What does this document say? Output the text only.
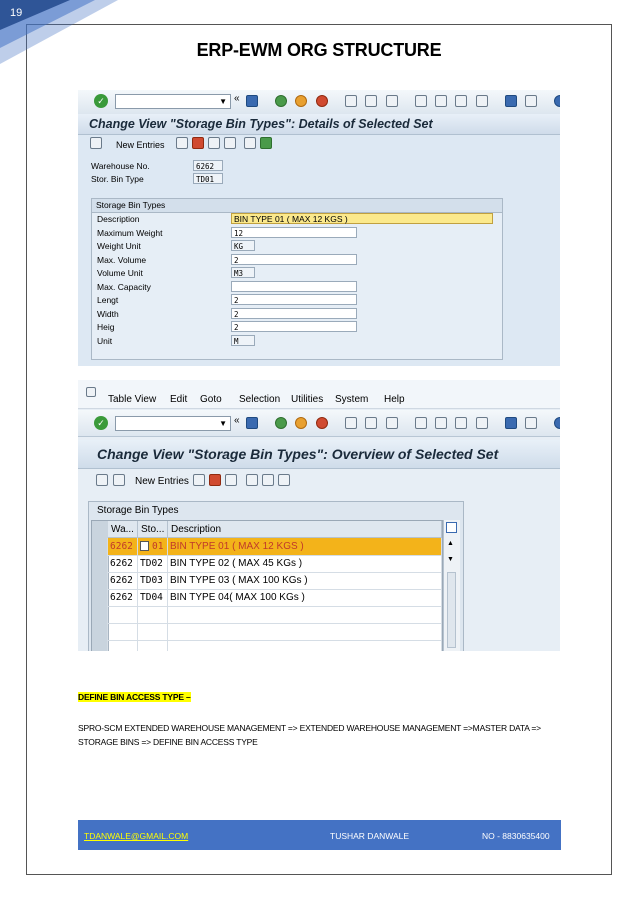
19
ERP-EWM ORG STRUCTURE
✓	▼ «
Change View "Storage Bin Types": Details of Selected Set
New Entries
Warehouse No.	6262
Stor. Bin Type	TD01
Storage Bin Types
Description	BIN TYPE 01 ( MAX 12 KGS )
Maximum Weight	12
Weight Unit	KG
Max. Volume	2
Volume Unit	M3
Max. Capacity
Lengt	2
Width	2
Heig	2
Unit	M
Table View Edit Goto Selection Utilities System Help
✓	▼ «
Change View "Storage Bin Types": Overview of Selected Set
New Entries
Storage Bin Types
Wa... Sto... Description
6262	01 BIN TYPE 01 ( MAX 12 KGS )
6262 TD02 BIN TYPE 02 ( MAX 45 KGs )
6262 TD03 BIN TYPE 03 ( MAX 100 KGs )
6262 TD04 BIN TYPE 04( MAX 100 KGs )
▲
▼
DEFINE BIN ACCESS TYPE –
SPRO-SCM EXTENDED WAREHOUSE MANAGEMENT => EXTENDED WAREHOUSE MANAGEMENT =>MASTER DATA => STORAGE BINS => DEFINE BIN ACCESS TYPE
TDANWALE@GMAIL.COM	TUSHAR DANWALE	NO - 8830635400
